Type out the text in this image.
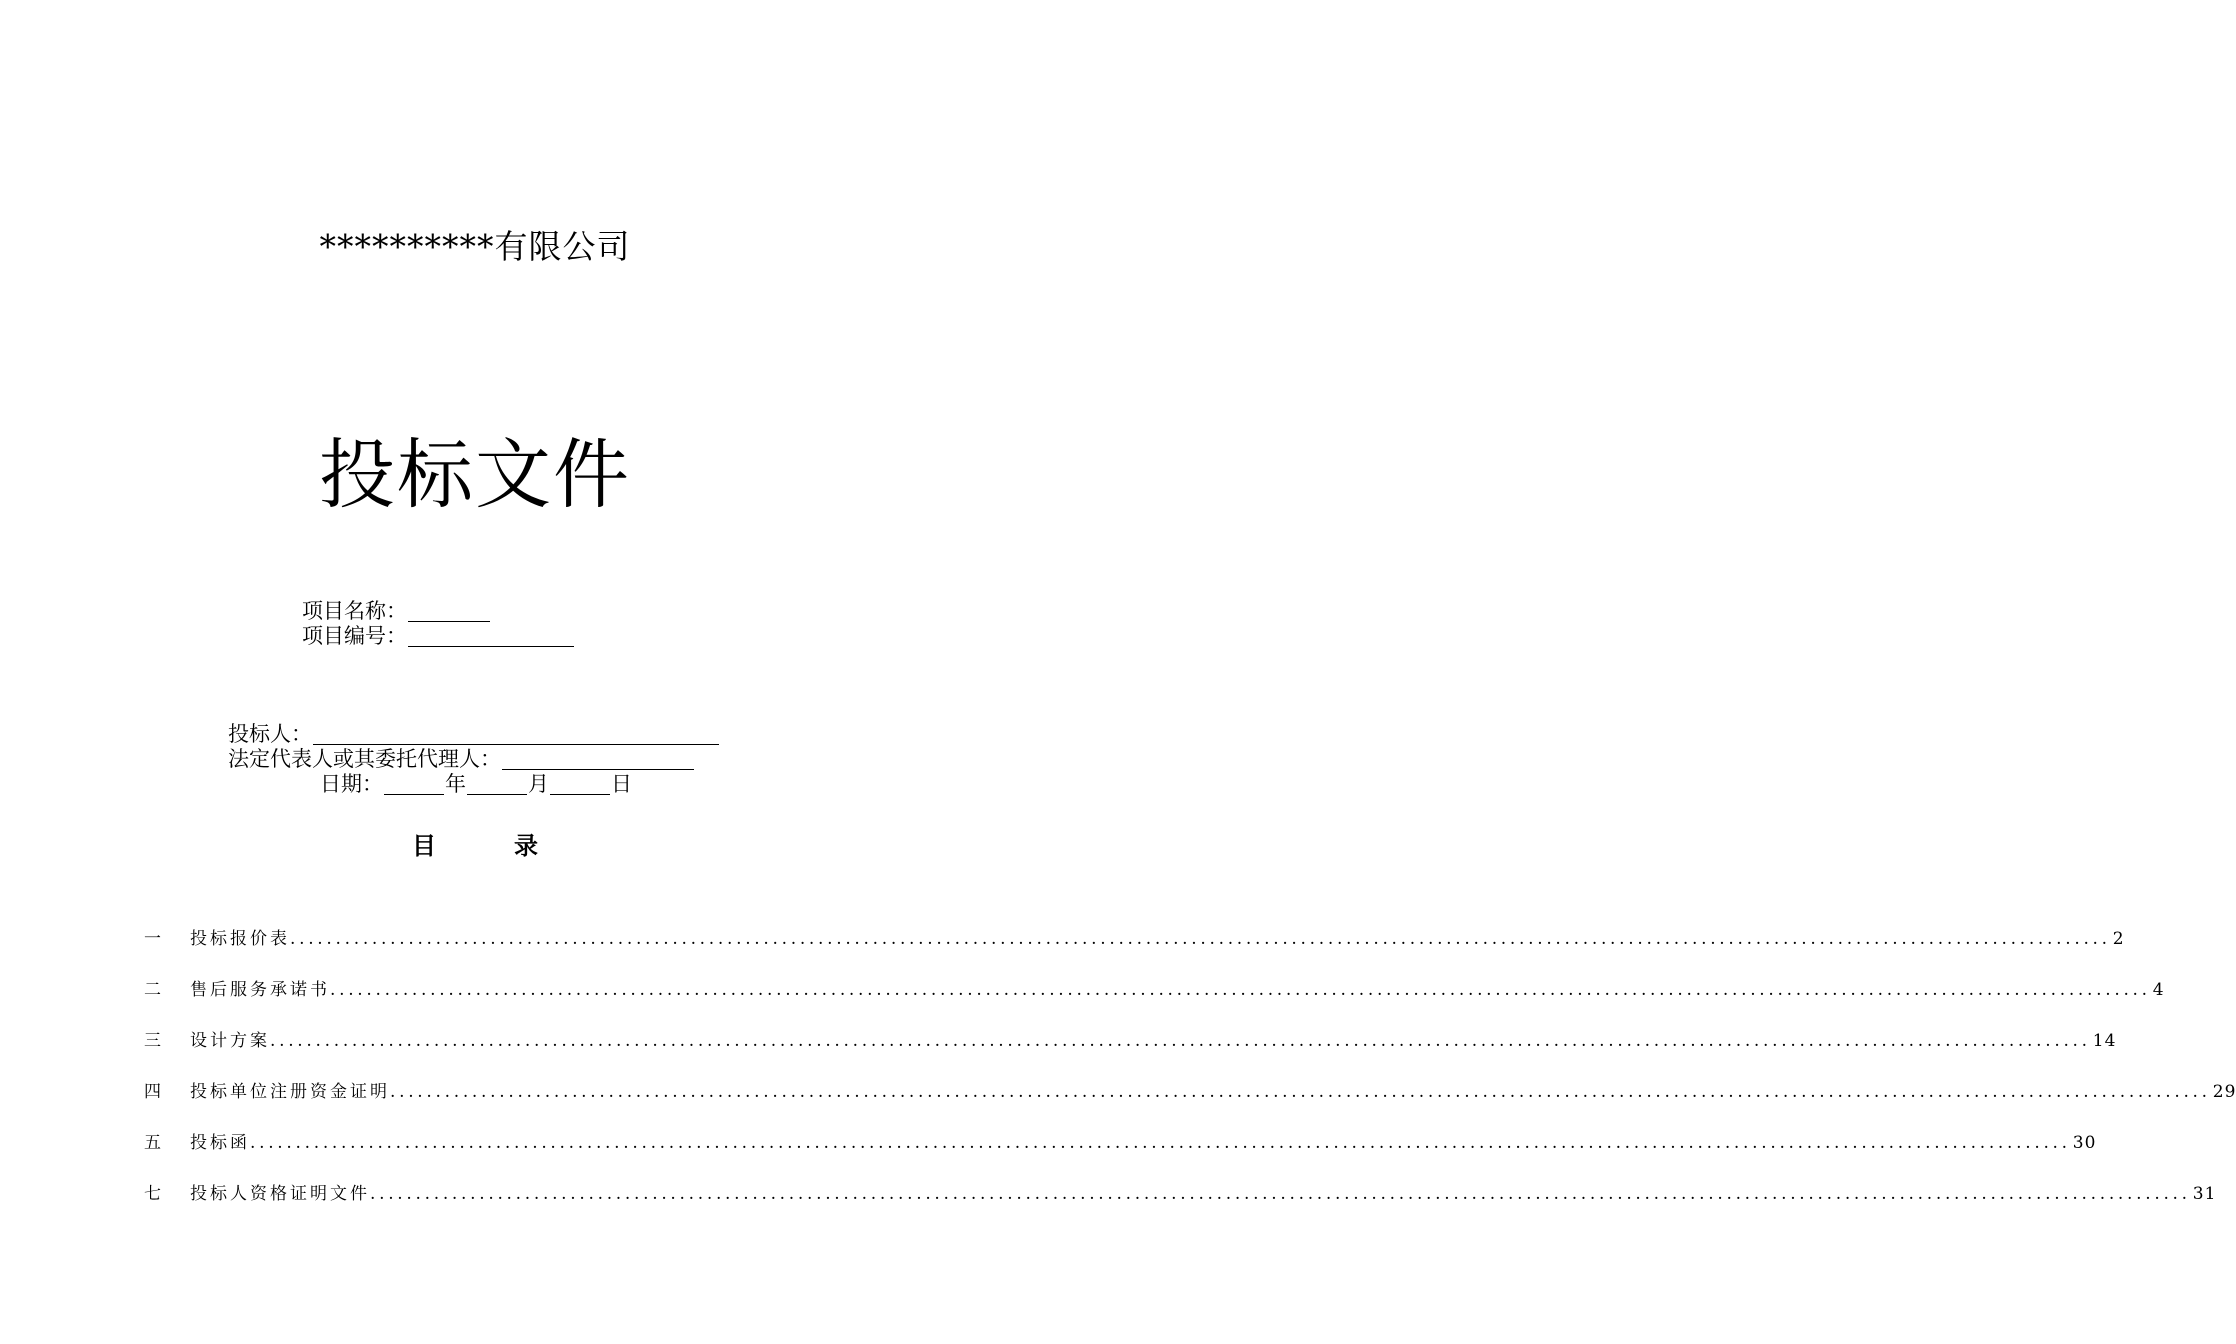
**********有限公司
投标文件
项目名称：
项目编号：
投标人：
法定代表人或其委托代理人：
日期：	年	月	日
目	录
一	投标报价表 ........................................................................................................................................................................................................ 2
二	售后服务承诺书 ........................................................................................................................................................................................................ 4
三	设计方案 ........................................................................................................................................................................................................ 14
四	投标单位注册资金证明 ........................................................................................................................................................................................................ 29
五	投标函 ........................................................................................................................................................................................................ 30
七	投标人资格证明文件 ........................................................................................................................................................................................................ 31
